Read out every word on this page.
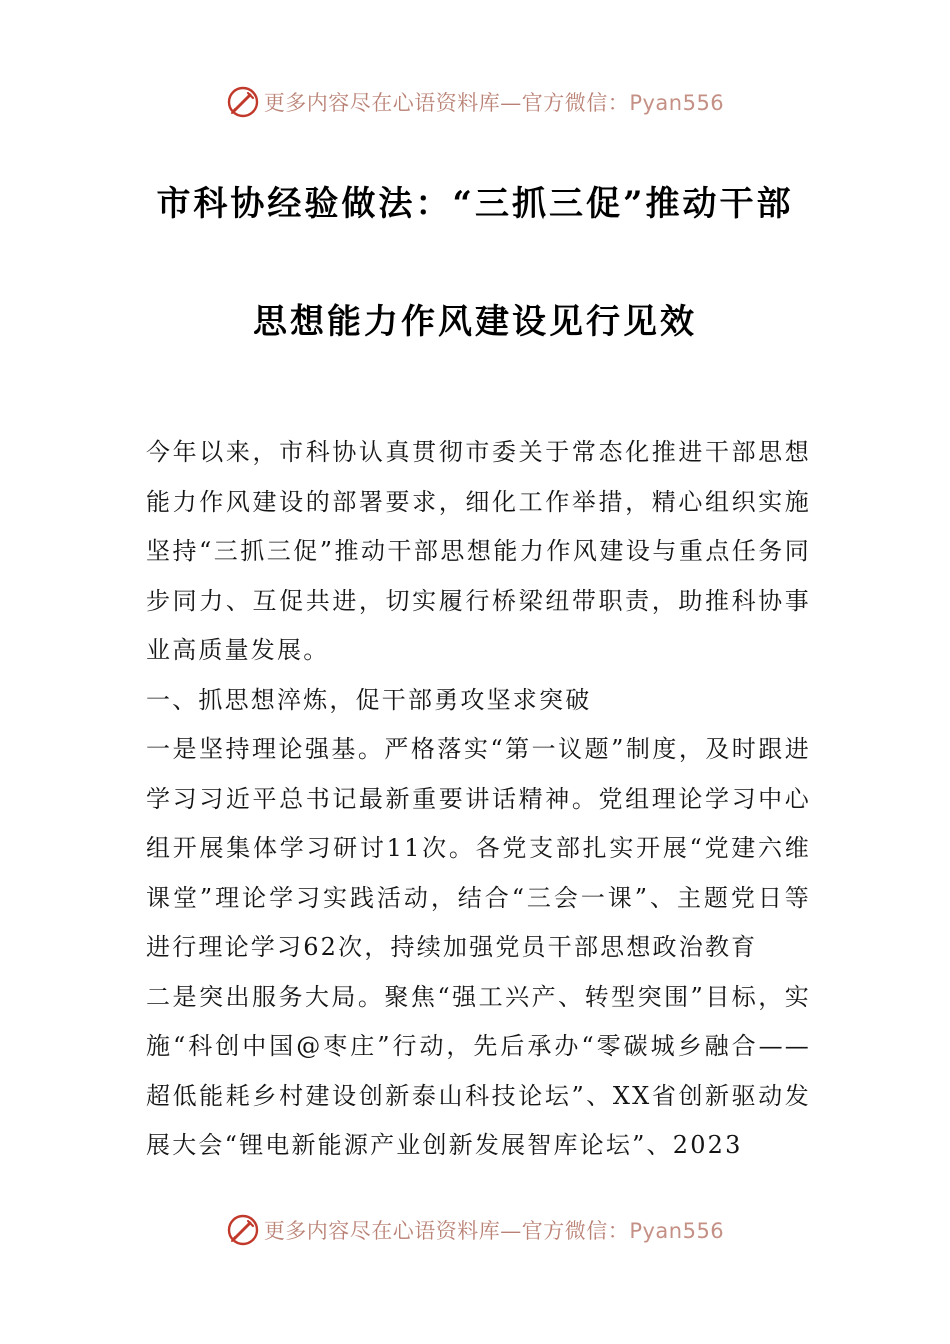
更多内容尽在心语资料库—官方微信：Pyan556
市科协经验做法：“三抓三促”推动干部
思想能力作风建设见行见效

今年以来，市科协认真贯彻市委关于常态化推进干部思想能力作风建设的部署要求，细化工作举措，精心组织实施坚持“三抓三促”推动干部思想能力作风建设与重点任务同步同力、互促共进，切实履行桥梁纽带职责，助推科协事业高质量发展。

一、抓思想淬炼，促干部勇攻坚求突破

一是坚持理论强基。严格落实“第一议题”制度，及时跟进学习习近平总书记最新重要讲话精神。党组理论学习中心组开展集体学习研讨11次。各党支部扎实开展“党建六维课堂”理论学习实践活动，结合“三会一课”、主题党日等进行理论学习62次，持续加强党员干部思想政治教育

二是突出服务大局。聚焦“强工兴产、转型突围”目标，实施“科创中国@枣庄”行动，先后承办“零碳城乡融合——超低能耗乡村建设创新泰山科技论坛”、XX省创新驱动发展大会“锂电新能源产业创新发展智库论坛”、2023

更多内容尽在心语资料库—官方微信：Pyan556
